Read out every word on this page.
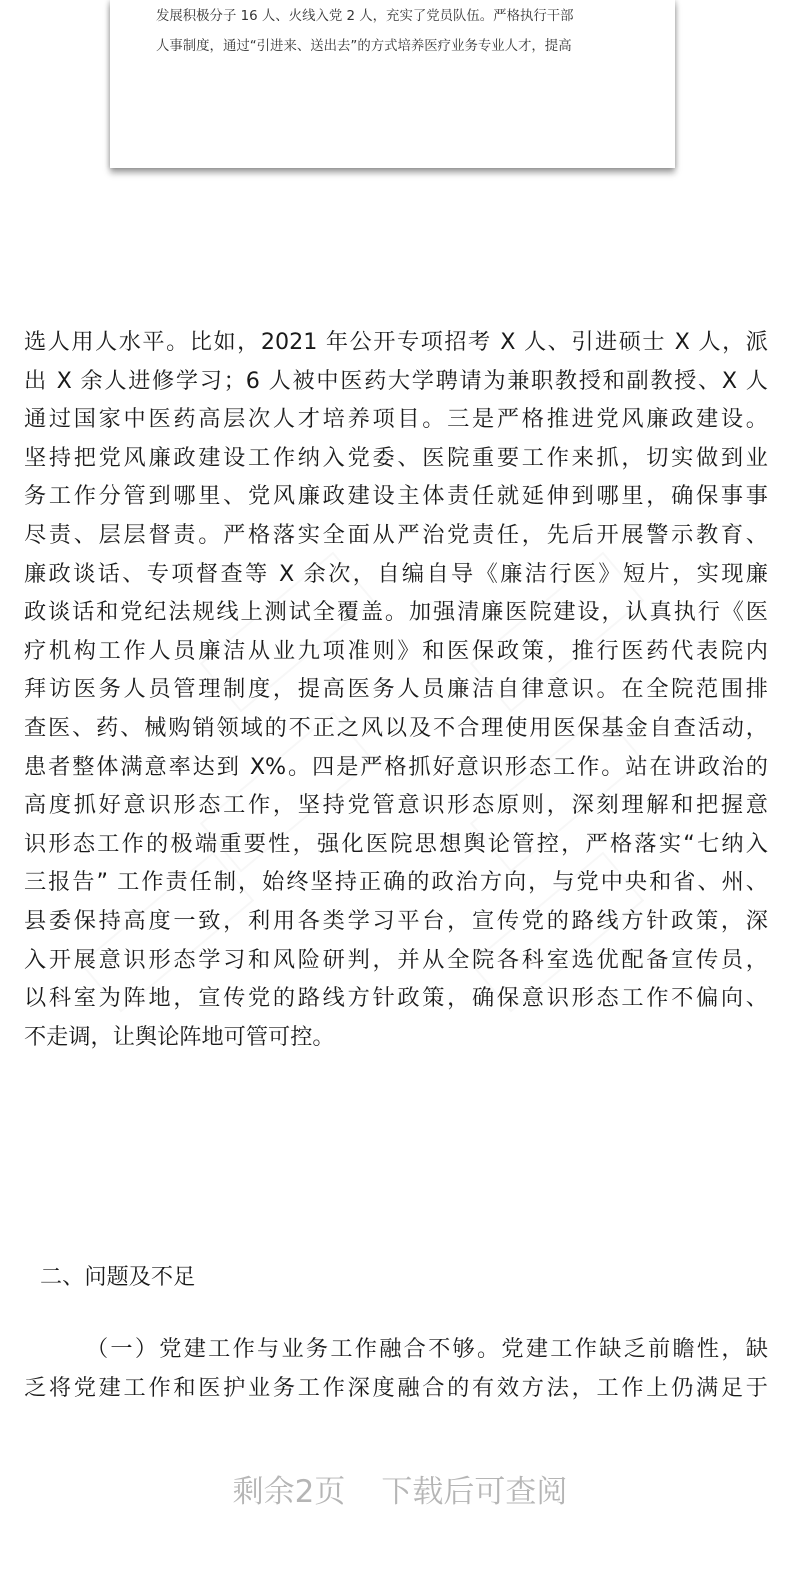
发展积极分子 16 人、火线入党 2 人，充实了党员队伍。严格执行干部
人事制度，通过“引进来、送出去”的方式培养医疗业务专业人才，提高
选人用人水平。比如，2021 年公开专项招考 X 人、引进硕士 X 人，派
出 X 余人进修学习；6 人被中医药大学聘请为兼职教授和副教授、X 人
通过国家中医药高层次人才培养项目。三是严格推进党风廉政建设。
坚持把党风廉政建设工作纳入党委、医院重要工作来抓，切实做到业
务工作分管到哪里、党风廉政建设主体责任就延伸到哪里，确保事事
尽责、层层督责。严格落实全面从严治党责任，先后开展警示教育、
廉政谈话、专项督查等 X 余次，自编自导《廉洁行医》短片，实现廉
政谈话和党纪法规线上测试全覆盖。加强清廉医院建设，认真执行《医
疗机构工作人员廉洁从业九项准则》和医保政策，推行医药代表院内
拜访医务人员管理制度，提高医务人员廉洁自律意识。在全院范围排
查医、药、械购销领域的不正之风以及不合理使用医保基金自查活动，
患者整体满意率达到 X%。四是严格抓好意识形态工作。站在讲政治的
高度抓好意识形态工作，坚持党管意识形态原则，深刻理解和把握意
识形态工作的极端重要性，强化医院思想舆论管控，严格落实“七纳入
三报告” 工作责任制，始终坚持正确的政治方向，与党中央和省、州、
县委保持高度一致，利用各类学习平台，宣传党的路线方针政策，深
入开展意识形态学习和风险研判，并从全院各科室选优配备宣传员，
以科室为阵地，宣传党的路线方针政策，确保意识形态工作不偏向、
不走调，让舆论阵地可管可控。
二、问题及不足
（一）党建工作与业务工作融合不够。党建工作缺乏前瞻性，缺
乏将党建工作和医护业务工作深度融合的有效方法，工作上仍满足于
剩余2页 下载后可查阅
